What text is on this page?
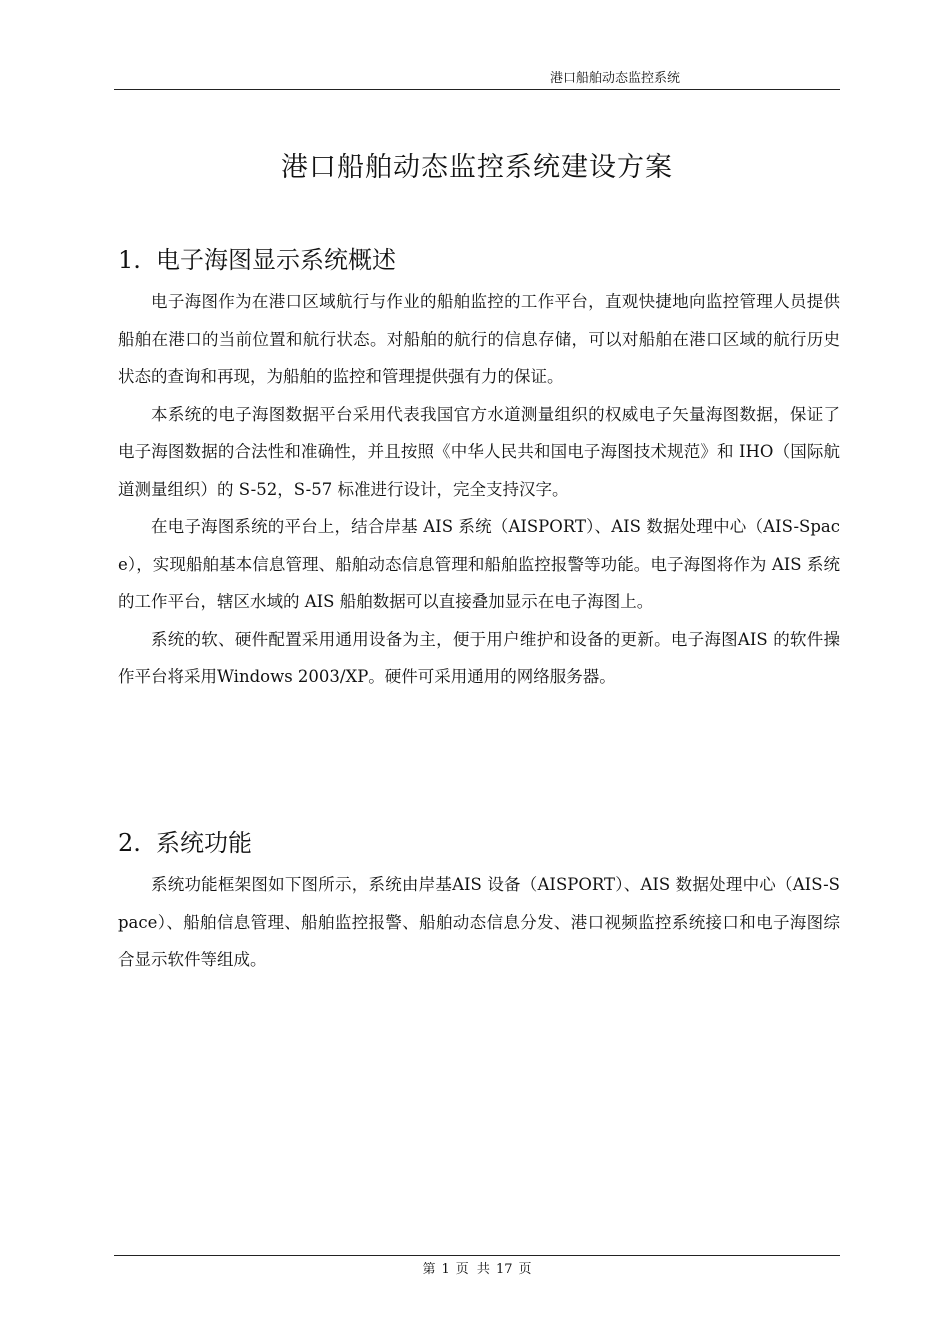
港口船舶动态监控系统
港口船舶动态监控系统建设方案
1. 电子海图显示系统概述

电子海图作为在港口区域航行与作业的船舶监控的工作平台，直观快捷地向监控管理人员提供船舶在港口的当前位置和航行状态。对船舶的航行的信息存储，可以对船舶在港口区域的航行历史状态的查询和再现，为船舶的监控和管理提供强有力的保证。

本系统的电子海图数据平台采用代表我国官方水道测量组织的权威电子矢量海图数据，保证了电子海图数据的合法性和准确性，并且按照《中华人民共和国电子海图技术规范》和 IHO（国际航道测量组织）的 S-52，S-57 标准进行设计，完全支持汉字。

在电子海图系统的平台上，结合岸基 AIS 系统（AISPORT）、AIS 数据处理中心（AIS-Space），实现船舶基本信息管理、船舶动态信息管理和船舶监控报警等功能。电子海图将作为 AIS 系统的工作平台，辖区水域的 AIS 船舶数据可以直接叠加显示在电子海图上。

系统的软、硬件配置采用通用设备为主，便于用户维护和设备的更新。电子海图AIS 的软件操作平台将采用Windows 2003/XP。硬件可采用通用的网络服务器。

2. 系统功能

系统功能框架图如下图所示，系统由岸基AIS 设备（AISPORT）、AIS 数据处理中心（AIS-Space）、船舶信息管理、船舶监控报警、船舶动态信息分发、港口视频监控系统接口和电子海图综合显示软件等组成。

第 1 页 共 17 页
